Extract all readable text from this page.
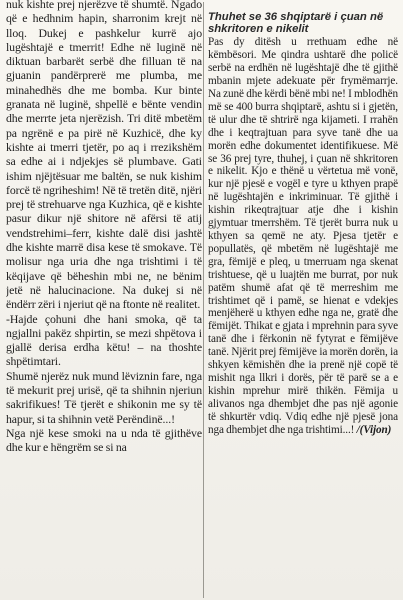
nuk kishte prej njerëzve të shumtë. Ngado që e hedhnim hapin, sharronim krejt në lloq. Dukej e pashkelur kurrë ajo lugështajë e tmerrit! Edhe në luginë në diktuan barbarët serbë dhe filluan të na gjuanin pandërprerë me plumba, me minahedhës dhe me bomba. Kur binte granata në luginë, shpellë e bënte vendin dhe merrte jeta njerëzish. Tri ditë mbetëm pa ngrënë e pa pirë në Kuzhicë, dhe ky kishte ai tmerri tjetër, po aq i rrezikshëm sa edhe ai i ndjekjes së plumbave. Gati ishim njëjtësuar me baltën, se nuk kishim forcë të ngriheshim! Në të tretën ditë, njëri prej të strehuarve nga Kuzhica, që e kishte pasur dikur një shitore në afërsi të atij vendstrehimi–ferr, kishte dalë disi jashtë dhe kishte marrë disa kese të smokave. Të molisur nga uria dhe nga trishtimi i të këqijave që bëheshin mbi ne, ne bënim jetë në halucinacione. Na dukej si në ëndërr zëri i njeriut që na ftonte në realitet.

-Hajde çohuni dhe hani smoka, që ta ngjallni pakëz shpirtin, se mezi shpëtova i gjallë derisa erdha këtu! – na thoshte shpëtimtari.

Shumë njerëz nuk mund lëviznin fare, nga të mekurit prej urisë, që ta shihnin njeriun sakrifikues! Të tjerët e shikonin me sy të hapur, si ta shihnin vetë Perëndinë...!

Nga një kese smoki na u nda të gjithëve dhe kur e hëngrëm se si na

Thuhet se 36 shqiptarë i çuan në shkritoren e nikelit

Pas dy ditësh u rrethuam edhe në këmbësori. Me qindra ushtarë dhe policë serbë na erdhën në lugështajë dhe të gjithë mbanin mjete adekuate për frymëmarrje. Na zunë dhe kërdi bënë mbi ne! I mblodhën më se 400 burra shqiptarë, ashtu si i gjetën, të ulur dhe të shtrirë nga kijameti. I rrahën dhe i keqtrajtuan para syve tanë dhe ua morën edhe dokumentet identifikuese. Më se 36 prej tyre, thuhej, i çuan në shkritoren e nikelit. Kjo e thënë u vërtetua më vonë, kur një pjesë e vogël e tyre u kthyen prapë në lugështajën e inkriminuar. Të gjithë i kishin rikeqtrajtuar atje dhe i kishin gjymtuar tmerrshëm. Të tjerët burra nuk u kthyen sa qemë ne aty. Pjesa tjetër e popullatës, që mbetëm në lugështajë me gra, fëmijë e pleq, u tmerruam nga skenat trishtuese, që u luajtën me burrat, por nuk patëm shumë afat që të merreshim me trishtimet që i pamë, se hienat e vdekjes menjëherë u kthyen edhe nga ne, gratë dhe fëmijët. Thikat e gjata i mprehnin para syve tanë dhe i fërkonin në fytyrat e fëmijëve tanë. Njërit prej fëmijëve ia morën dorën, ia shkyen këmishën dhe ia prenë një copë të mishit nga llkri i dorës, për të parë se a e kishin mprehur mirë thikën. Fëmija u alivanos nga dhembjet dhe pas një agonie të shkurtër vdiq. Vdiq edhe një pjesë jona nga dhembjet dhe nga trishtimi...! /(Vijon)
